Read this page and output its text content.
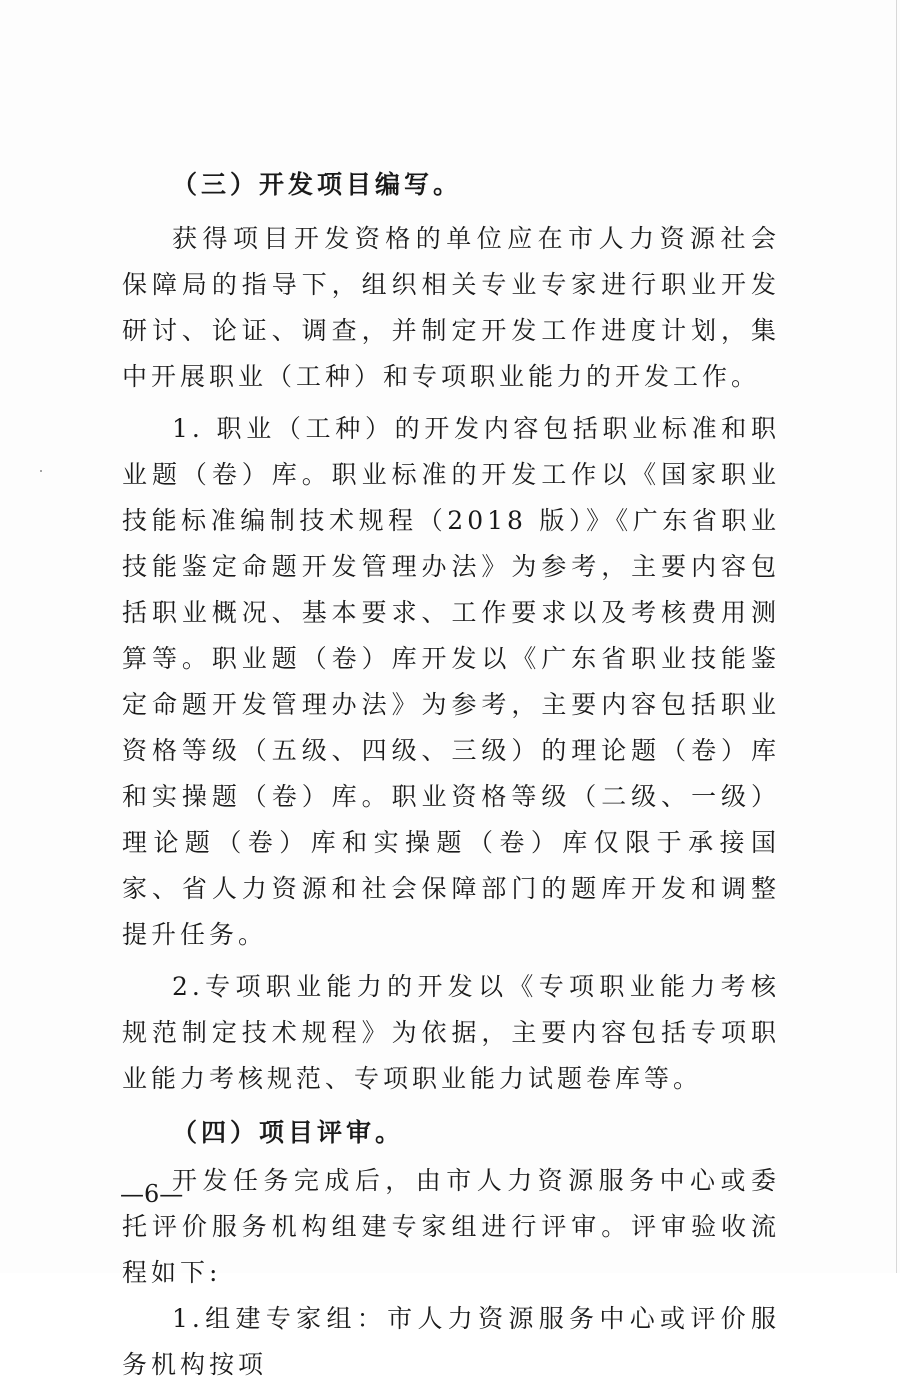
（三）开发项目编写。

获得项目开发资格的单位应在市人力资源社会保障局的指导下，组织相关专业专家进行职业开发研讨、论证、调查，并制定开发工作进度计划，集中开展职业（工种）和专项职业能力的开发工作。

1. 职业（工种）的开发内容包括职业标准和职业题（卷）库。职业标准的开发工作以《国家职业技能标准编制技术规程（2018 版）》《广东省职业技能鉴定命题开发管理办法》为参考，主要内容包括职业概况、基本要求、工作要求以及考核费用测算等。职业题（卷）库开发以《广东省职业技能鉴定命题开发管理办法》为参考，主要内容包括职业资格等级（五级、四级、三级）的理论题（卷）库和实操题（卷）库。职业资格等级（二级、一级）理论题（卷）库和实操题（卷）库仅限于承接国家、省人力资源和社会保障部门的题库开发和调整提升任务。

2.专项职业能力的开发以《专项职业能力考核规范制定技术规程》为依据，主要内容包括专项职业能力考核规范、专项职业能力试题卷库等。

（四）项目评审。

开发任务完成后，由市人力资源服务中心或委托评价服务机构组建专家组进行评审。评审验收流程如下:

1.组建专家组：市人力资源服务中心或评价服务机构按项

—6—
